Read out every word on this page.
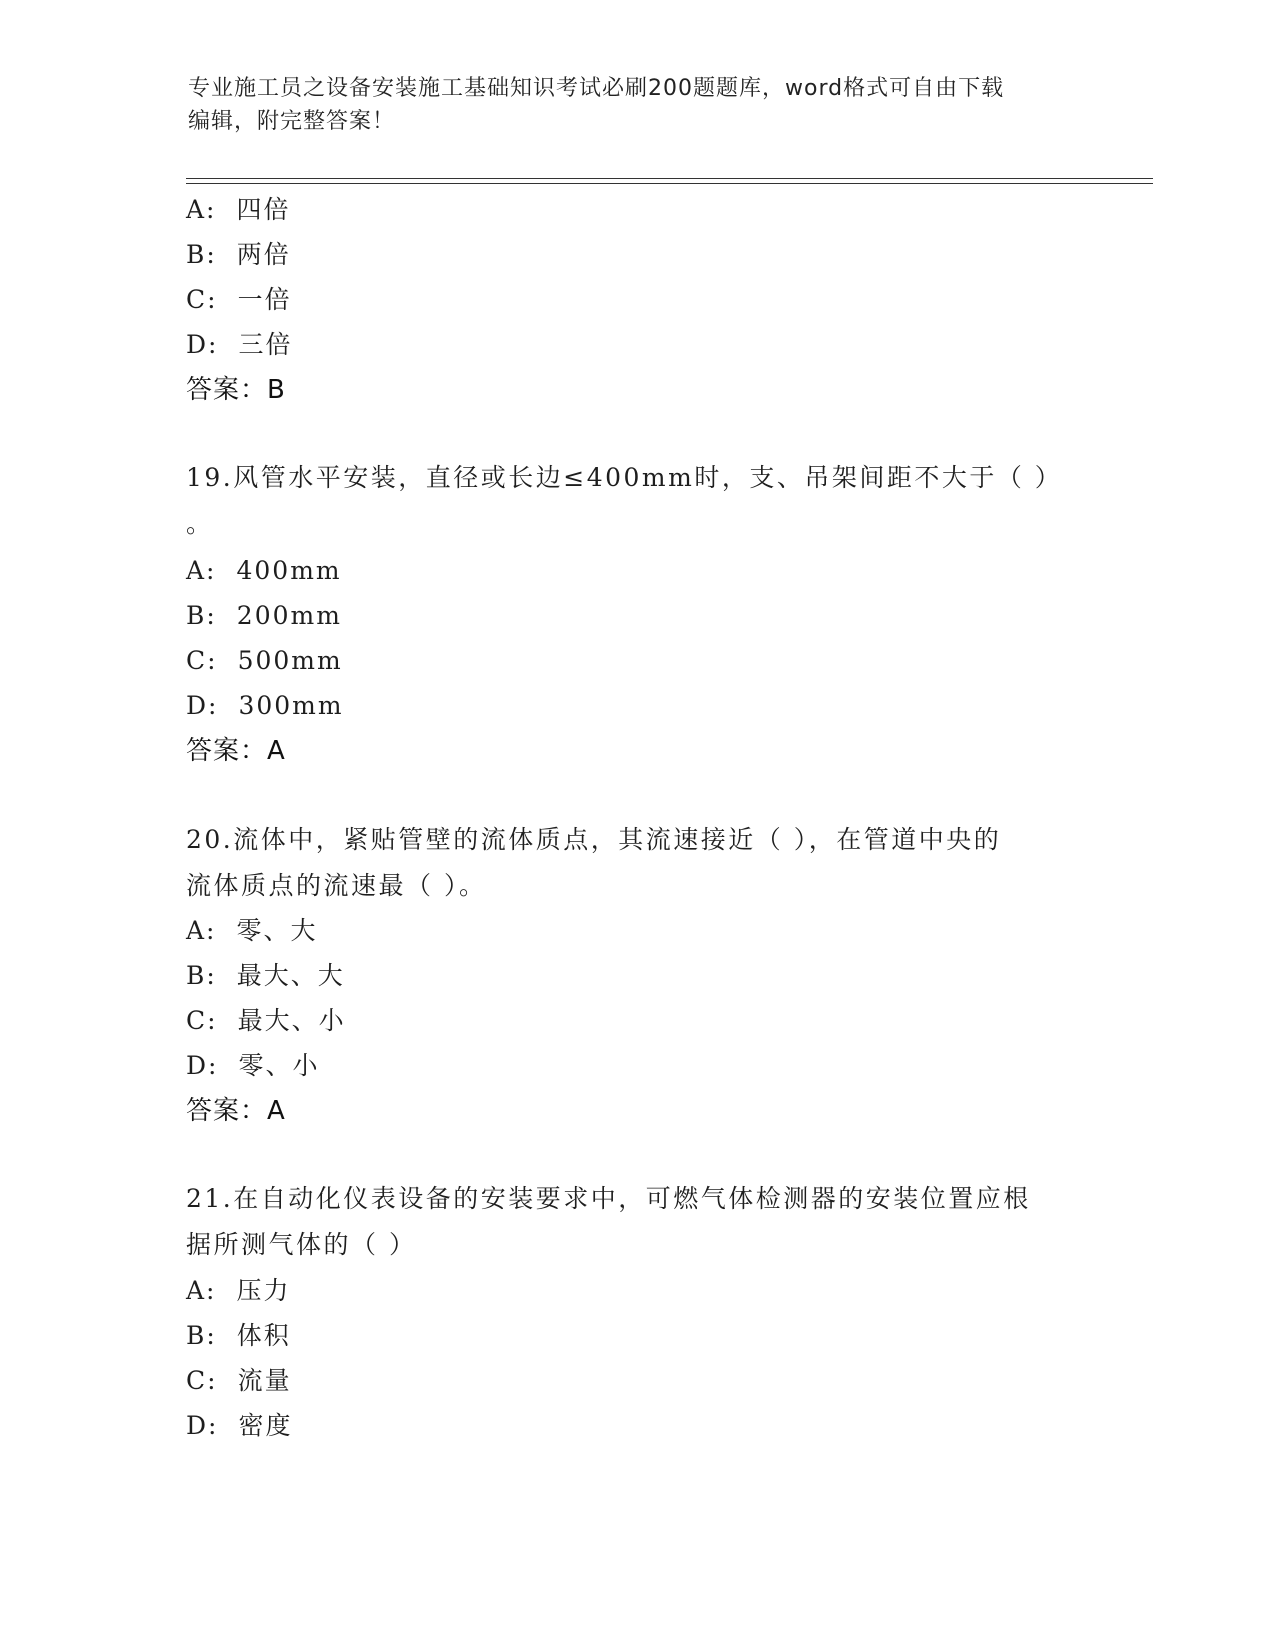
专业施工员之设备安装施工基础知识考试必刷200题题库，word格式可自由下载
编辑，附完整答案！
A: 四倍
B: 两倍
C: 一倍
D: 三倍
答案：B
19.风管水平安装，直径或长边≤400mm时，支、吊架间距不大于（ ）
。
A: 400mm
B: 200mm
C: 500mm
D: 300mm
答案：A
20.流体中，紧贴管壁的流体质点，其流速接近（ ），在管道中央的
流体质点的流速最（ ）。
A: 零、大
B: 最大、大
C: 最大、小
D: 零、小
答案：A
21.在自动化仪表设备的安装要求中，可燃气体检测器的安装位置应根
据所测气体的（ ）
A: 压力
B: 体积
C: 流量
D: 密度
